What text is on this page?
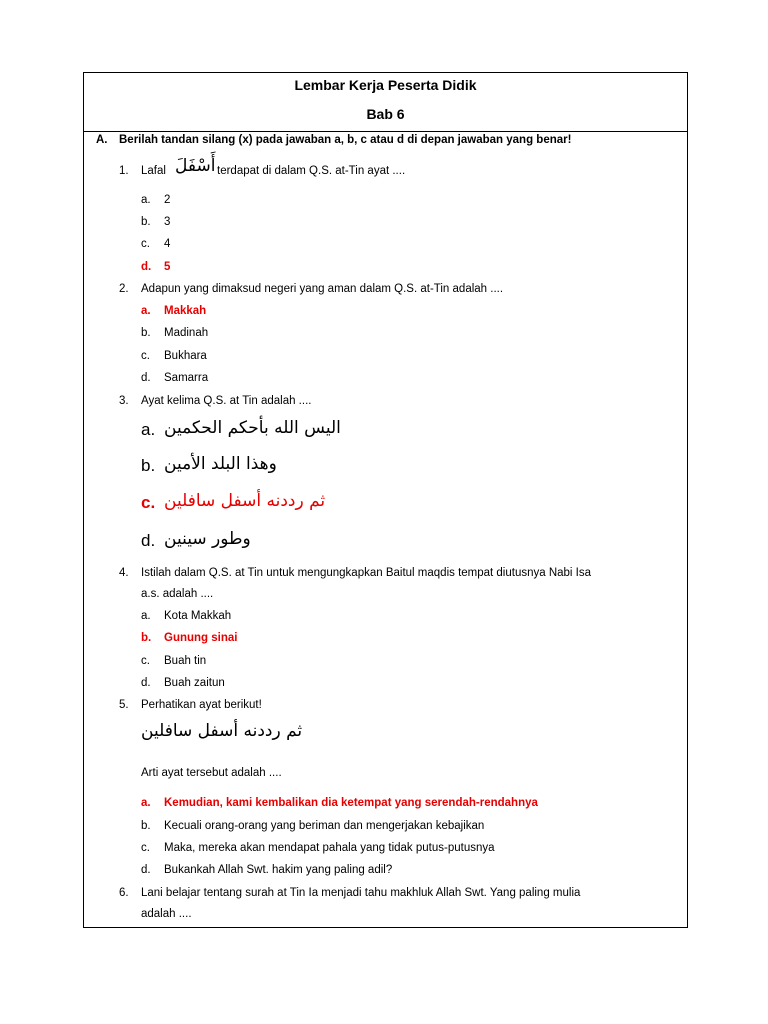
Lembar Kerja Peserta Didik
Bab 6
A. Berilah tandan silang (x) pada jawaban a, b, c atau d di depan jawaban yang benar!
1. Lafal أَسْفَلَ terdapat di dalam Q.S. at-Tin ayat ....
a. 2
b. 3
c. 4
d. 5
2. Adapun yang dimaksud negeri yang aman dalam Q.S. at-Tin adalah ....
a. Makkah
b. Madinah
c. Bukhara
d. Samarra
3. Ayat kelima Q.S. at Tin adalah ....
a. اليس الله بأحكم الحكمين
b. وهذا البلد الأمين
c. ثم رددنه أسفل سافلين
d. وطور سينين
4. Istilah dalam Q.S. at Tin untuk mengungkapkan Baitul maqdis tempat diutusnya Nabi Isa
a.s. adalah ....
a. Kota Makkah
b. Gunung sinai
c. Buah tin
d. Buah zaitun
5. Perhatikan ayat berikut!
ثم رددنه أسفل سافلين
Arti ayat tersebut adalah ....
a. Kemudian, kami kembalikan dia ketempat yang serendah-rendahnya
b. Kecuali orang-orang yang beriman dan mengerjakan kebajikan
c. Maka, mereka akan mendapat pahala yang tidak putus-putusnya
d. Bukankah Allah Swt. hakim yang paling adil?
6. Lani belajar tentang surah at Tin Ia menjadi tahu makhluk Allah Swt. Yang paling mulia
adalah ....
